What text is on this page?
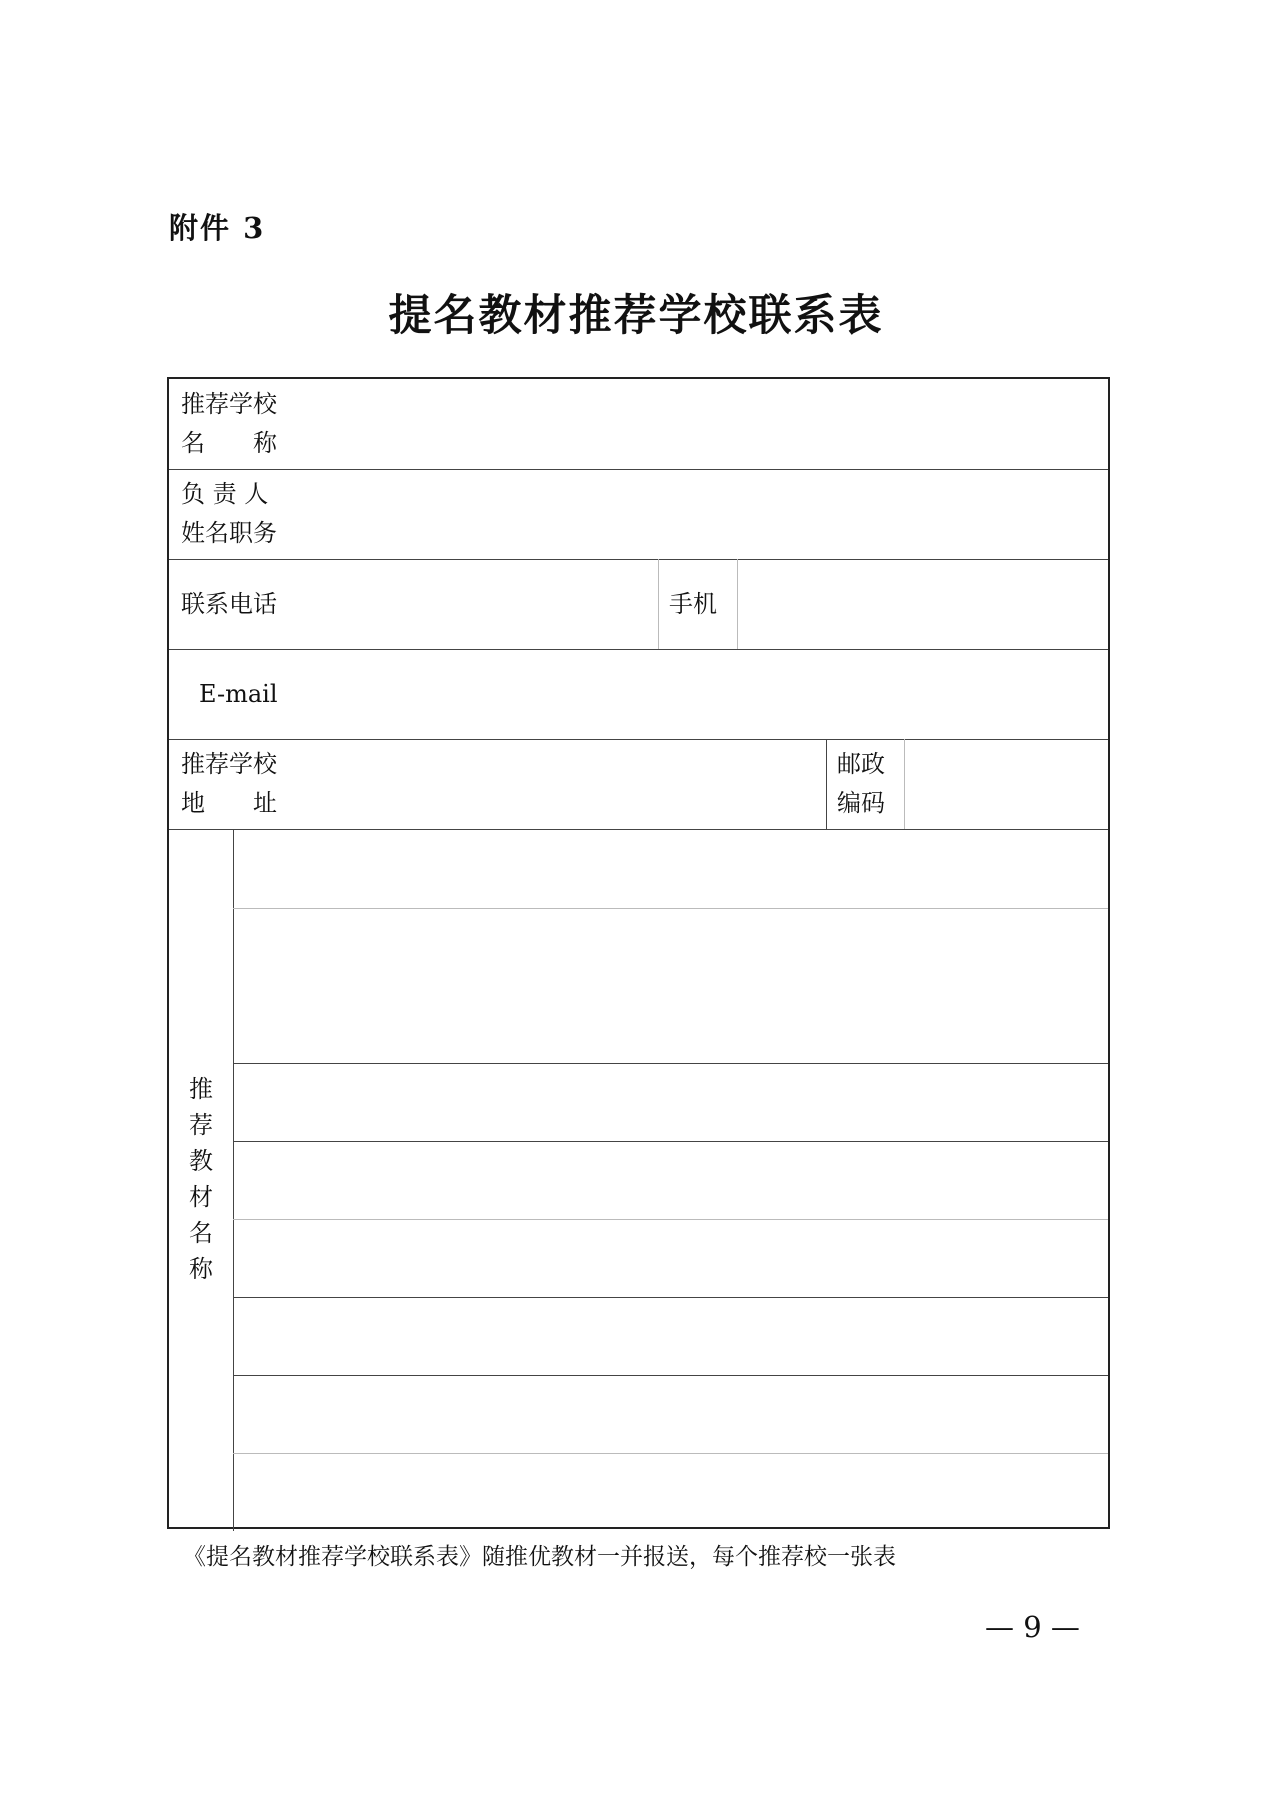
附件 3
提名教材推荐学校联系表
推荐学校
名　　称
负 责 人
姓名职务
联系电话	手机
E-mail
推荐学校
地　　址
邮政
编码
推
荐
教
材
名
称
《提名教材推荐学校联系表》随推优教材一并报送，每个推荐校一张表
— 9 —
